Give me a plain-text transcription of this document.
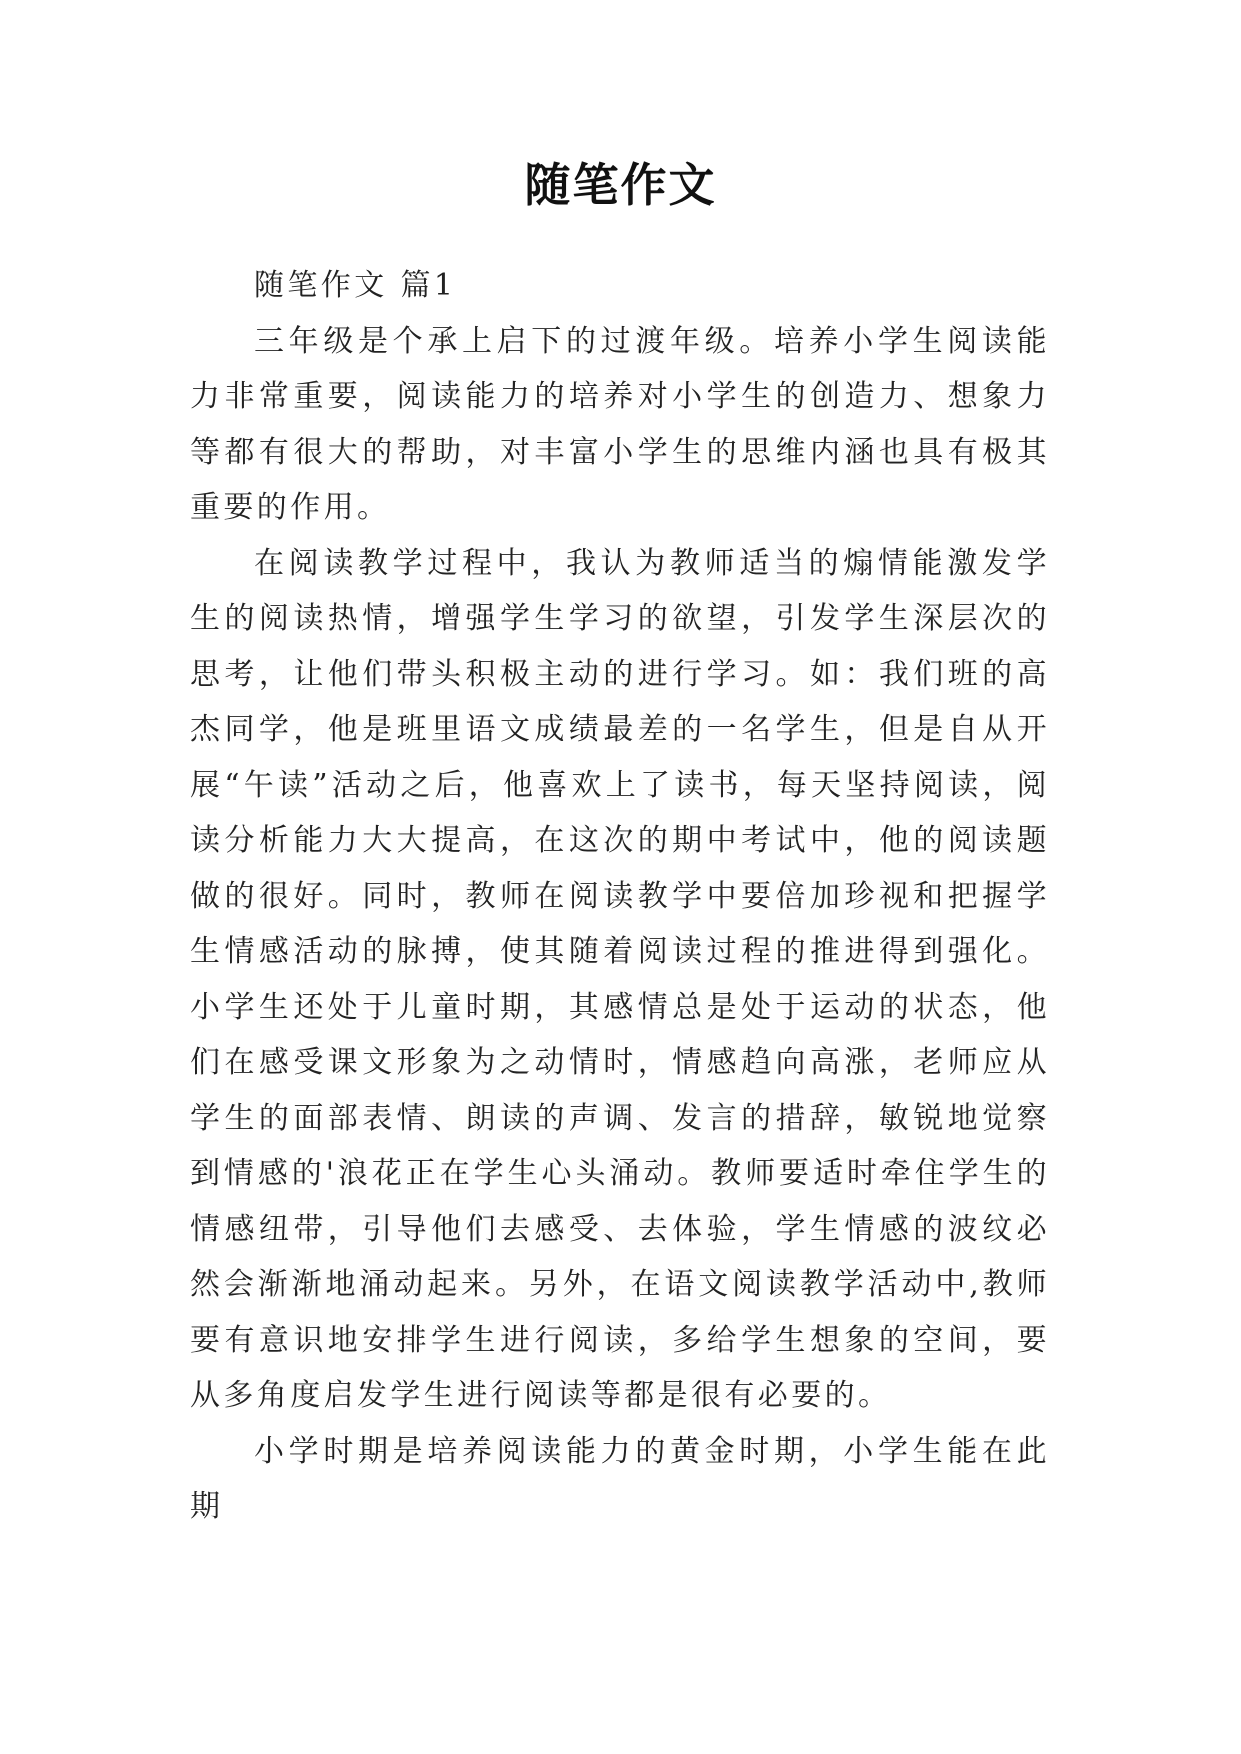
随笔作文

随笔作文 篇1

三年级是个承上启下的过渡年级。培养小学生阅读能力非常重要，阅读能力的培养对小学生的创造力、想象力等都有很大的帮助，对丰富小学生的思维内涵也具有极其重要的作用。

在阅读教学过程中，我认为教师适当的煽情能激发学生的阅读热情，增强学生学习的欲望，引发学生深层次的思考，让他们带头积极主动的进行学习。如：我们班的高杰同学，他是班里语文成绩最差的一名学生，但是自从开展“午读”活动之后，他喜欢上了读书，每天坚持阅读，阅读分析能力大大提高，在这次的期中考试中，他的阅读题做的很好。同时，教师在阅读教学中要倍加珍视和把握学生情感活动的脉搏，使其随着阅读过程的推进得到强化。小学生还处于儿童时期，其感情总是处于运动的状态，他们在感受课文形象为之动情时，情感趋向高涨，老师应从学生的面部表情、朗读的声调、发言的措辞，敏锐地觉察到情感的'浪花正在学生心头涌动。教师要适时牵住学生的情感纽带，引导他们去感受、去体验，学生情感的波纹必然会渐渐地涌动起来。另外，在语文阅读教学活动中,教师要有意识地安排学生进行阅读，多给学生想象的空间，要从多角度启发学生进行阅读等都是很有必要的。

小学时期是培养阅读能力的黄金时期，小学生能在此期
